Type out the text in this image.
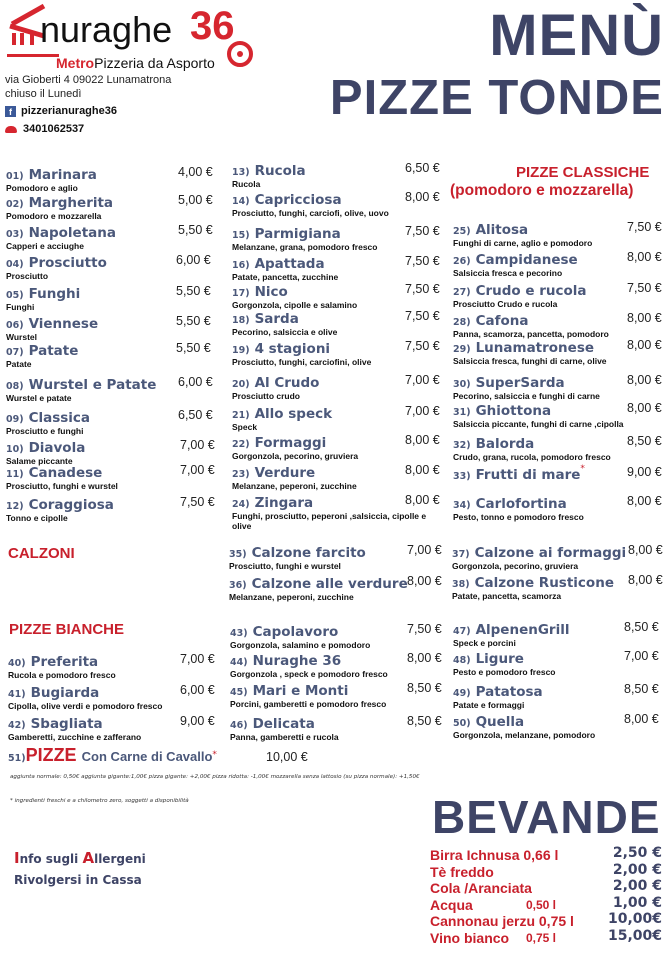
nuraghe 36
MetroPizzeria da Asporto
via Gioberti 4 09022 Lunamatrona
chiuso il Lunedì
f pizzerianuraghe36
3401062537
MENÙ
PIZZE TONDE
PIZZE CLASSICHE
(pomodoro e mozzarella)
CALZONI
PIZZE BIANCHE
01) Marinara
Pomodoro e aglio
4,00 €
02) Margherita
Pomodoro e mozzarella
5,00 €
03) Napoletana
Capperi e acciughe
5,50 €
04) Prosciutto
Prosciutto
6,00 €
05) Funghi
Funghi
5,50 €
06) Viennese
Wurstel
5,50 €
07) Patate
Patate
5,50 €
08) Wurstel e Patate
Wurstel e patate
6,00 €
09) Classica
Prosciutto e funghi
6,50 €
10) Diavola
Salame piccante
7,00 €
11) Canadese
Prosciutto, funghi e wurstel
7,00 €
12) Coraggiosa
Tonno e cipolle
7,50 €
13) Rucola
Rucola
6,50 €
14) Capricciosa
Prosciutto, funghi, carciofi, olive, uovo
8,00 €
15) Parmigiana
Melanzane, grana, pomodoro fresco
7,50 €
16) Apattada
Patate, pancetta, zucchine
7,50 €
17) Nico
Gorgonzola, cipolle e salamino
7,50 €
18) Sarda
Pecorino, salsiccia e olive
7,50 €
19) 4 stagioni
Prosciutto, funghi, carciofini, olive
7,50 €
20) Al Crudo
Prosciutto crudo
7,00 €
21) Allo speck
Speck
7,00 €
22) Formaggi
Gorgonzola, pecorino, gruviera
8,00 €
23) Verdure
Melanzane, peperoni, zucchine
8,00 €
24) Zingara
Funghi, prosciutto, peperoni ,salsiccia, cipolle e olive
8,00 €
25) Alitosa
Funghi di carne, aglio e pomodoro
7,50 €
26) Campidanese
Salsiccia fresca e pecorino
8,00 €
27) Crudo e rucola
Prosciutto Crudo e rucola
7,50 €
28) Cafona
Panna, scamorza, pancetta, pomodoro
8,00 €
29) Lunamatronese
Salsiccia fresca, funghi di carne, olive
8,00 €
30) SuperSarda
Pecorino, salsiccia e funghi di carne
8,00 €
31) Ghiottona
Salsiccia piccante, funghi di carne ,cipolla
8,00 €
32) Balorda
Crudo, grana, rucola, pomodoro fresco
8,50 €
33) Frutti di mare*	9,00 €
34) Carlofortina
Pesto, tonno e pomodoro fresco
8,00 €
35) Calzone farcito
Prosciutto, funghi e wurstel
7,00 €
36) Calzone alle verdure
Melanzane, peperoni, zucchine
8,00 €
37) Calzone ai formaggi
Gorgonzola, pecorino, gruviera
8,00 €
38) Calzone Rusticone
Patate, pancetta, scamorza
8,00 €
40) Preferita
Rucola e pomodoro fresco
7,00 €
41) Bugiarda
Cipolla, olive verdi e pomodoro fresco
6,00 €
42) Sbagliata
Gamberetti, zucchine e zafferano
9,00 €
43) Capolavoro
Gorgonzola, salamino e pomodoro
7,50 €
44) Nuraghe 36
Gorgonzola , speck e pomodoro fresco
8,00 €
45) Mari e Monti
Porcini, gamberetti e pomodoro fresco
8,50 €
46) Delicata
Panna, gamberetti e rucola
8,50 €
47) AlpenenGrill
Speck e porcini
8,50 €
48) Ligure
Pesto e pomodoro fresco
7,00 €
49) Patatosa
Patate e formaggi
8,50 €
50) Quella
Gorgonzola, melanzane, pomodoro
8,00 €
51)PIZZE Con Carne di Cavallo*	10,00 €
aggiunta normale: 0,50€ aggiunta gigante:1,00€ pizza gigante: +2,00€ pizza ridotta: -1,00€ mozzarella senza lattosio (su pizza normale): +1,50€
* ingredienti freschi e a chilometro zero, soggetti a disponibilità
Info sugli Allergeni
Rivolgersi in Cassa
BEVANDE
Birra Ichnusa 0,66 l	2,50 €
Tè freddo	2,00 €
Cola /Aranciata	2,00 €
Acqua	0,50 l	1,00 €
Cannonau jerzu 0,75 l	10,00€
Vino bianco	0,75 l	15,00€
